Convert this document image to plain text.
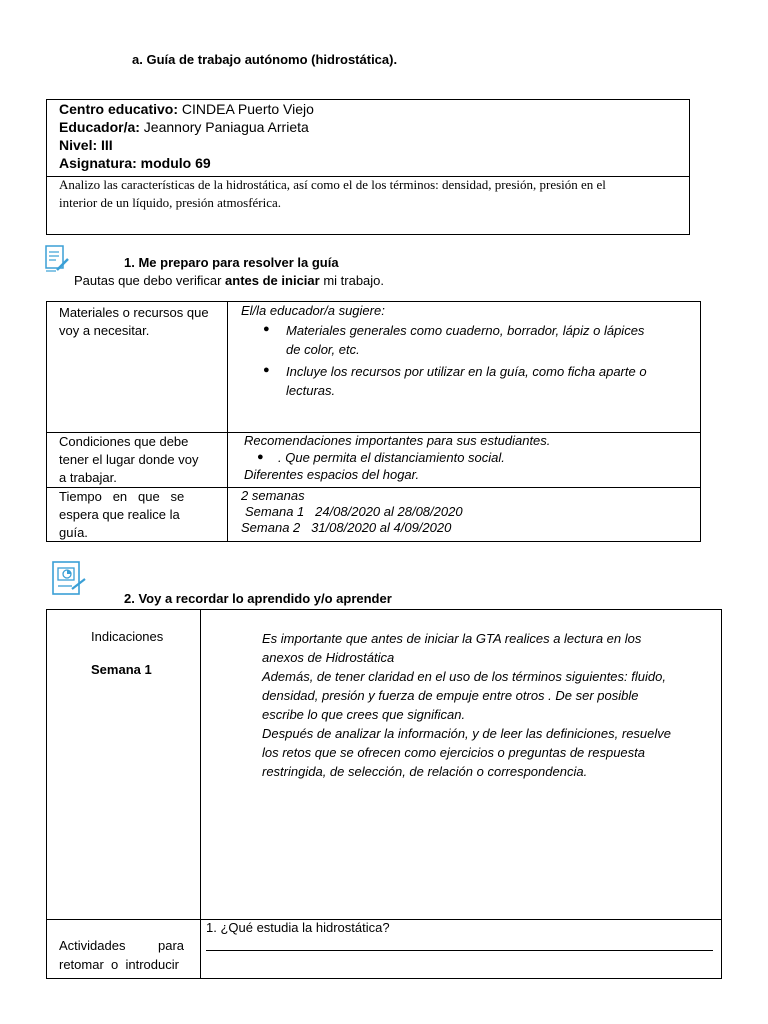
a. Guía de trabajo autónomo (hidrostática).
Centro educativo: CINDEA Puerto Viejo
Educador/a: Jeannory Paniagua Arrieta
Nivel: III
Asignatura: modulo 69
Analizo las características de la hidrostática, así como el de los términos: densidad, presión, presión en el
interior de un líquido, presión atmosférica.
1. Me preparo para resolver la guía
Pautas que debo verificar antes de iniciar mi trabajo.
Materiales o recursos que
voy a necesitar.
El/la educador/a sugiere:
● Materiales generales como cuaderno, borrador, lápiz o lápices
de color, etc.
● Incluye los recursos por utilizar en la guía, como ficha aparte o
lecturas.
Condiciones que debe
tener el lugar donde voy
a trabajar.
Recomendaciones importantes para sus estudiantes.
● . Que permita el distanciamiento social.
Diferentes espacios del hogar.
Tiempo   en   que   se
espera que realice la
guía.
2 semanas
Semana 1   24/08/2020 al 28/08/2020
Semana 2   31/08/2020 al 4/09/2020
2. Voy a recordar lo aprendido y/o aprender
Indicaciones
Semana 1
Es importante que antes de iniciar la GTA realices a lectura en los
anexos de Hidrostática
Además, de tener claridad en el uso de los términos siguientes: fluido,
densidad, presión y fuerza de empuje entre otros . De ser posible
escribe lo que crees que significan.
Después de analizar la información, y de leer las definiciones, resuelve
los retos que se ofrecen como ejercicios o preguntas de respuesta
restringida, de selección, de relación o correspondencia.
Actividades         para
retomar  o  introducir
1. ¿Qué estudia la hidrostática?
